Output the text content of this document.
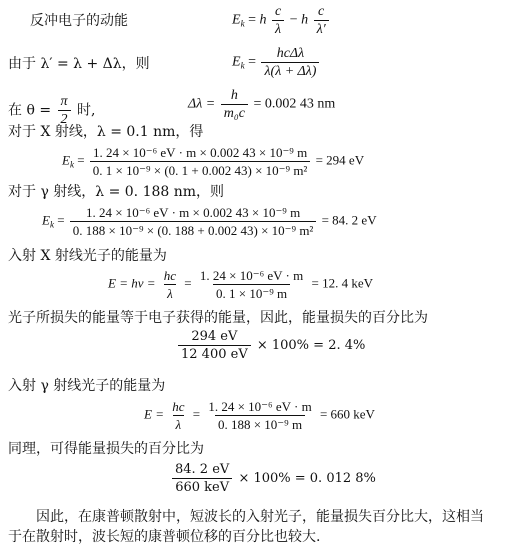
反冲电子的动能	$E_k = h \frac{c}{\lambda} - h \frac{c}{\lambda'}$
由于 λ′ = λ + Δλ，则	$E_k = \frac{\text{hcΔλ}}{\lambda(\lambda + \Delta\lambda)}$
在 $\theta = \frac{\pi}{2}$ 时,	$\Delta\lambda = \frac{h}{\text{m₀c}} = 0.002$ 43 nm
对于 X 射线，λ = 0.1 nm，得
$E_k = \frac{\text{1. 24 × 10⁻⁶ eV · m × 0.002 43 × 10⁻⁹ m}}{\text{0. 1 × 10⁻⁹ × (0. 1 + 0.002 43) × 10⁻⁹ m²}} = 294$ eV
对于 γ 射线，λ = 0. 188 nm，则
$E_k = \frac{\text{1. 24 × 10⁻⁶ eV · m × 0.002 43 × 10⁻⁹ m}}{\text{0. 188 × 10⁻⁹ × (0. 188 + 0.002 43) × 10⁻⁹ m²}} = 84$. 2 eV
入射 X 射线光子的能量为
$E = h\nu = \frac{hc}{\lambda} = \frac{\text{1. 24 × 10⁻⁶ eV · m}}{\text{0. 1 × 10⁻⁹ m}} = 12$. 4 keV
光子所损失的能量等于电子获得的能量，因此，能量损失的百分比为
$\frac{294 eV}{12 400 eV} \times 100\% = 2$. 4%
入射 γ 射线光子的能量为
$E = \frac{hc}{\lambda} = \frac{\text{1. 24 × 10⁻⁶ eV · m}}{\text{0. 188 × 10⁻⁹ m}} = 660$ keV
同理，可得能量损失的百分比为
$\frac{84. 2 eV}{\text{660 keV}} \times 100\% = 0$. 012 8%
因此，在康普顿散射中，短波长的入射光子，能量损失百分比大，这相当
于在散射时，波长短的康普顿位移的百分比也较大.
